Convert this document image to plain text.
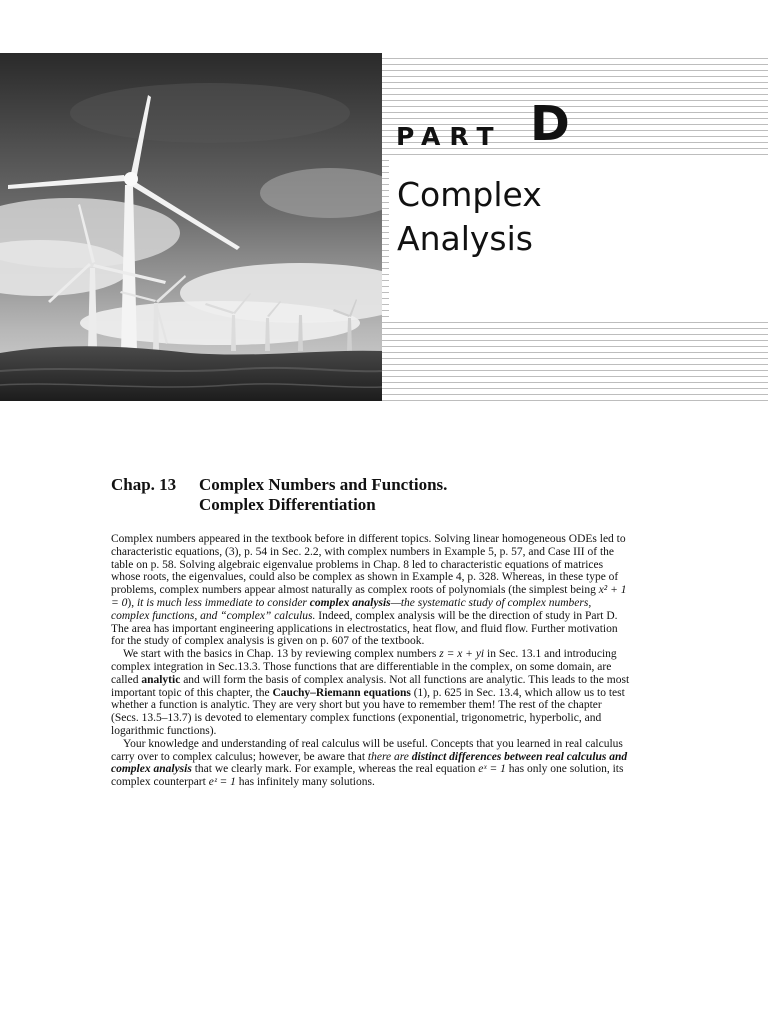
PART D
Complex
Analysis
Chap. 13 Complex Numbers and Functions.
Complex Differentiation

Complex numbers appeared in the textbook before in different topics. Solving linear homogeneous ODEs led to characteristic equations, (3), p. 54 in Sec. 2.2, with complex numbers in Example 5, p. 57, and Case III of the table on p. 58. Solving algebraic eigenvalue problems in Chap. 8 led to characteristic equations of matrices whose roots, the eigenvalues, could also be complex as shown in Example 4, p. 328. Whereas, in these type of problems, complex numbers appear almost naturally as complex roots of polynomials (the simplest being x² + 1 = 0), it is much less immediate to consider complex analysis—the systematic study of complex numbers, complex functions, and “complex” calculus. Indeed, complex analysis will be the direction of study in Part D. The area has important engineering applications in electrostatics, heat flow, and fluid flow. Further motivation for the study of complex analysis is given on p. 607 of the textbook.

We start with the basics in Chap. 13 by reviewing complex numbers z = x + yi in Sec. 13.1 and introducing complex integration in Sec.13.3. Those functions that are differentiable in the complex, on some domain, are called analytic and will form the basis of complex analysis. Not all functions are analytic. This leads to the most important topic of this chapter, the Cauchy–Riemann equations (1), p. 625 in Sec. 13.4, which allow us to test whether a function is analytic. They are very short but you have to remember them! The rest of the chapter (Secs. 13.5–13.7) is devoted to elementary complex functions (exponential, trigonometric, hyperbolic, and logarithmic functions).

Your knowledge and understanding of real calculus will be useful. Concepts that you learned in real calculus carry over to complex calculus; however, be aware that there are distinct differences between real calculus and complex analysis that we clearly mark. For example, whereas the real equation eˣ = 1 has only one solution, its complex counterpart eᶻ = 1 has infinitely many solutions.
